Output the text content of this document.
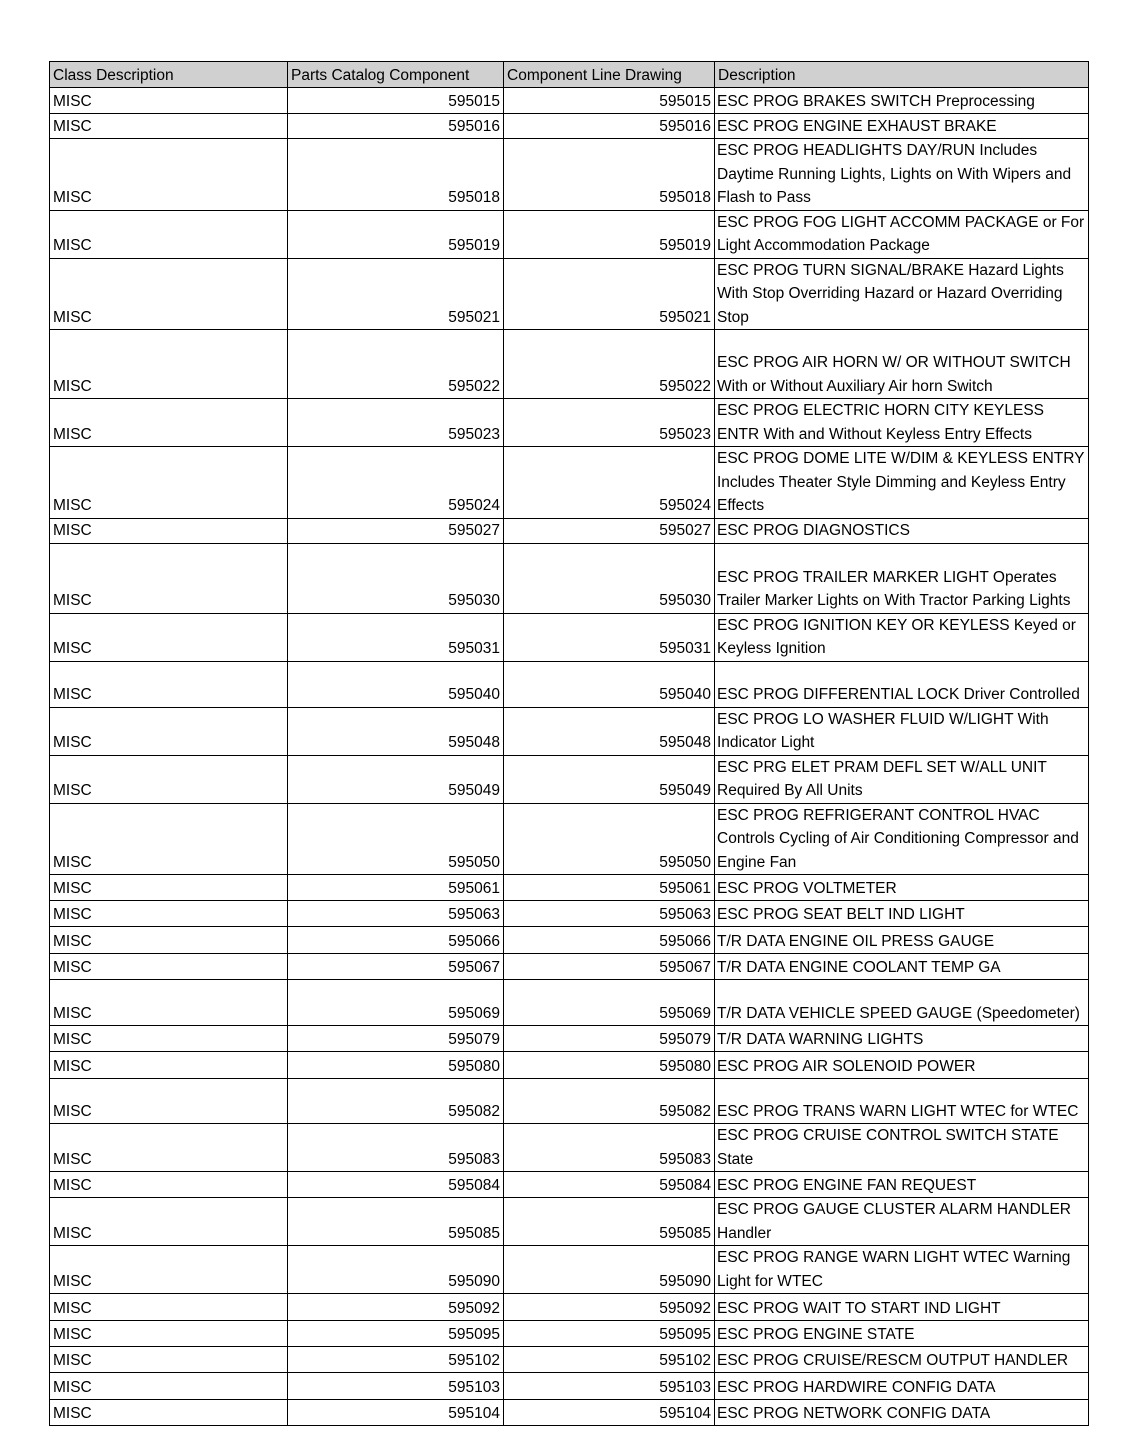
Class Description	Parts Catalog Component	Component Line Drawing	Description
MISC	595015	595015	ESC PROG BRAKES SWITCH Preprocessing
MISC	595016	595016	ESC PROG ENGINE EXHAUST BRAKE
MISC	595018	595018	ESC PROG HEADLIGHTS DAY/RUN Includes Daytime Running Lights, Lights on With Wipers and Flash to Pass
MISC	595019	595019	ESC PROG FOG LIGHT ACCOMM PACKAGE or For Light Accommodation Package
MISC	595021	595021	ESC PROG TURN SIGNAL/BRAKE Hazard Lights With Stop Overriding Hazard or Hazard Overriding Stop
MISC	595022	595022	ESC PROG AIR HORN W/ OR WITHOUT SWITCH With or Without Auxiliary Air horn Switch
MISC	595023	595023	ESC PROG ELECTRIC HORN CITY KEYLESS ENTR With and Without Keyless Entry Effects
MISC	595024	595024	ESC PROG DOME LITE W/DIM & KEYLESS ENTRY Includes Theater Style Dimming and Keyless Entry Effects
MISC	595027	595027	ESC PROG DIAGNOSTICS
MISC	595030	595030	ESC PROG TRAILER MARKER LIGHT Operates Trailer Marker Lights on With Tractor Parking Lights
MISC	595031	595031	ESC PROG IGNITION KEY OR KEYLESS Keyed or Keyless Ignition
MISC	595040	595040	ESC PROG DIFFERENTIAL LOCK Driver Controlled
MISC	595048	595048	ESC PROG LO WASHER FLUID W/LIGHT With Indicator Light
MISC	595049	595049	ESC PRG ELET PRAM DEFL SET W/ALL UNIT Required By All Units
MISC	595050	595050	ESC PROG REFRIGERANT CONTROL HVAC Controls Cycling of Air Conditioning Compressor and Engine Fan
MISC	595061	595061	ESC PROG VOLTMETER
MISC	595063	595063	ESC PROG SEAT BELT IND LIGHT
MISC	595066	595066	T/R DATA ENGINE OIL PRESS GAUGE
MISC	595067	595067	T/R DATA ENGINE COOLANT TEMP GA
MISC	595069	595069	T/R DATA VEHICLE SPEED GAUGE (Speedometer)
MISC	595079	595079	T/R DATA WARNING LIGHTS
MISC	595080	595080	ESC PROG AIR SOLENOID POWER
MISC	595082	595082	ESC PROG TRANS WARN LIGHT WTEC for WTEC
MISC	595083	595083	ESC PROG CRUISE CONTROL SWITCH STATE State
MISC	595084	595084	ESC PROG ENGINE FAN REQUEST
MISC	595085	595085	ESC PROG GAUGE CLUSTER ALARM HANDLER Handler
MISC	595090	595090	ESC PROG RANGE WARN LIGHT WTEC Warning Light for WTEC
MISC	595092	595092	ESC PROG WAIT TO START IND LIGHT
MISC	595095	595095	ESC PROG ENGINE STATE
MISC	595102	595102	ESC PROG CRUISE/RESCM OUTPUT HANDLER
MISC	595103	595103	ESC PROG HARDWIRE CONFIG DATA
MISC	595104	595104	ESC PROG NETWORK CONFIG DATA
